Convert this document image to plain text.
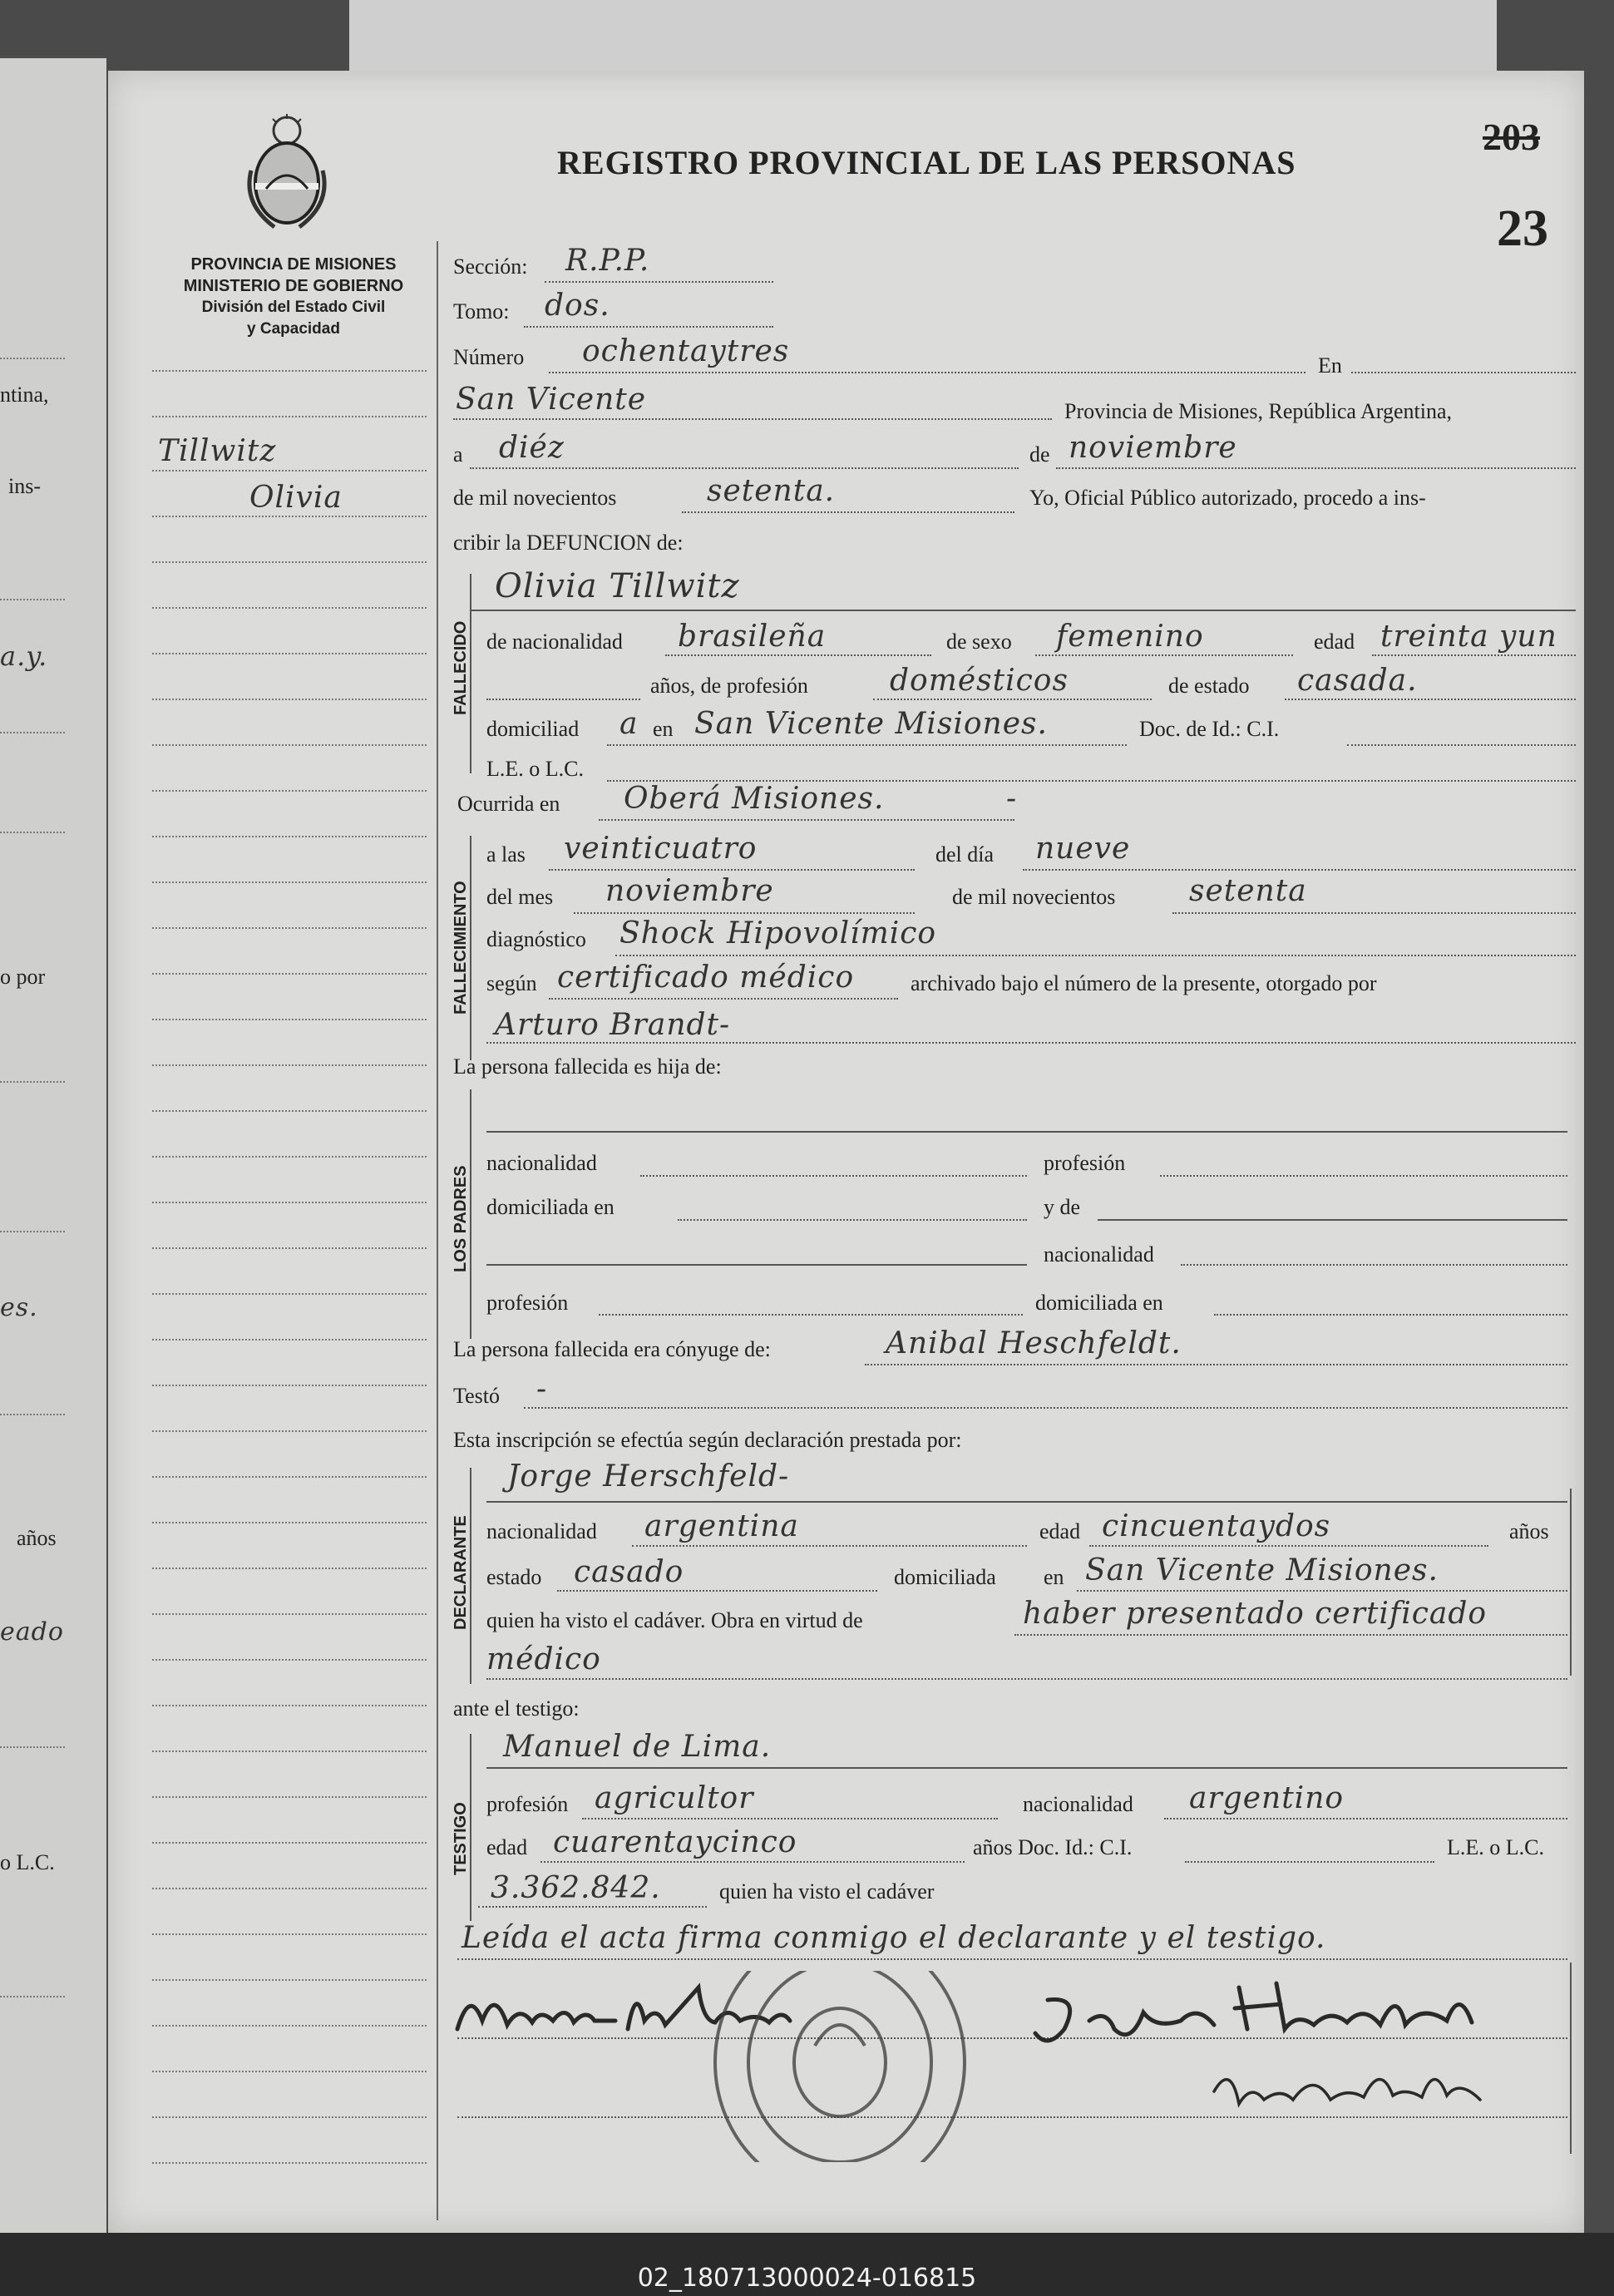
ntina,
ins-
a.y.
o por
es.
años
eado
o L.C.
PROVINCIA DE MISIONES
MINISTERIO DE GOBIERNO
División del Estado Civil
y Capacidad
REGISTRO PROVINCIAL DE LAS PERSONAS
203
23
Tillwitz
Olivia
Sección: R.P.P.
Tomo: dos.
Número ochentaytres	En
San Vicente	Provincia de Misiones, República Argentina,
a diéz	de noviembre
de mil novecientos	setenta.	Yo, Oficial Público autorizado, procedo a ins-
cribir la DEFUNCION de:
FALLECIDO
Olivia Tillwitz
de nacionalidad brasileña	de sexo femenino	edad treinta yun
años, de profesión	domésticos	de estado casada.
domiciliad a en San Vicente Misiones.	Doc. de Id.: C.I.
L.E. o L.C.
Ocurrida en Oberá Misiones.	-
FALLECIMIENTO
a las veinticuatro	del día nueve
del mes noviembre	de mil novecientos setenta
diagnóstico Shock Hipovolímico
según certificado médico	archivado bajo el número de la presente, otorgado por
Arturo Brandt-
La persona fallecida es hija de:
LOS PADRES
nacionalidad	profesión
domiciliada en	y de
nacionalidad
profesión	domiciliada en
La persona fallecida era cónyuge de:	Anibal Heschfeldt.
Testó -
Esta inscripción se efectúa según declaración prestada por:
DECLARANTE
Jorge Herschfeld-
nacionalidad argentina	edad cincuentaydos	años
estado casado	domiciliada en San Vicente Misiones.
quien ha visto el cadáver. Obra en virtud de	haber presentado certificado
médico
ante el testigo:
TESTIGO
Manuel de Lima.
profesión agricultor	nacionalidad argentino
edad cuarentaycinco	años Doc. Id.: C.I.	L.E. o L.C.
3.362.842.	quien ha visto el cadáver
Leída el acta firma conmigo el declarante y el testigo.
02_180713000024-016815
